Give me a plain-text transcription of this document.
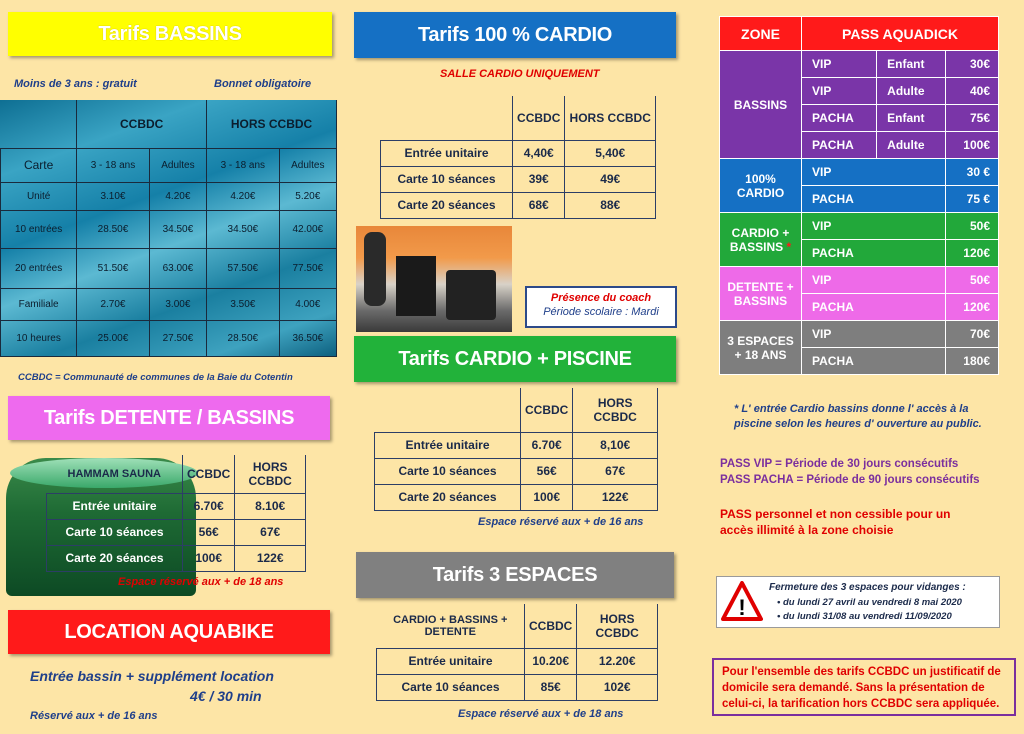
Tarifs BASSINS
Moins de 3 ans : gratuit	Bonnet obligatoire
	CCBDC		HORS CCBDC	
Carte	3 - 18 ans	Adultes	3 - 18 ans	Adultes
Unité	3.10€	4.20€	4.20€	5.20€
10 entrées	28.50€	34.50€	34.50€	42.00€
20 entrées	51.50€	63.00€	57.50€	77.50€
Familiale	2.70€	3.00€	3.50€	4.00€
10 heures	25.00€	27.50€	28.50€	36.50€
CCBDC = Communauté de communes de la Baie du Cotentin
Tarifs DETENTE / BASSINS
HAMMAM SAUNA	CCBDC	HORS CCBDC
Entrée unitaire	6.70€	8.10€
Carte 10 séances	56€	67€
Carte 20 séances	100€	122€
Espace réservé aux + de 18 ans
LOCATION AQUABIKE
Entrée bassin + supplément location
4€ / 30 min
Réservé aux + de 16 ans
Tarifs 100 % CARDIO
SALLE CARDIO UNIQUEMENT
	CCBDC	HORS CCBDC
Entrée unitaire	4,40€	5,40€
Carte 10 séances	39€	49€
Carte 20 séances	68€	88€
Présence du coach
Période scolaire : Mardi
Tarifs CARDIO + PISCINE
	CCBDC	HORS CCBDC
Entrée unitaire	6.70€	8,10€
Carte 10 séances	56€	67€
Carte 20 séances	100€	122€
Espace réservé aux + de 16 ans
Tarifs 3 ESPACES
CARDIO + BASSINS + DETENTE	CCBDC	HORS CCBDC
Entrée unitaire	10.20€	12.20€
Carte 10 séances	85€	102€
Espace réservé aux + de 18 ans
ZONE	PASS AQUADICK		
BASSINS	VIP	Enfant	30€
	VIP	Adulte	40€
	PACHA	Enfant	75€
	PACHA	Adulte	100€
100% CARDIO	VIP		30 €
	PACHA		75 €
CARDIO + BASSINS *	VIP		50€
	PACHA		120€
DETENTE + BASSINS	VIP		50€
	PACHA		120€
3 ESPACES + 18 ANS	VIP		70€
	PACHA		180€
* L' entrée Cardio bassins donne l' accès à la piscine selon les heures d' ouverture au public.
PASS VIP = Période de 30 jours consécutifs
PASS PACHA = Période de 90 jours consécutifs
PASS personnel et non cessible pour un accès illimité à la zone choisie
!
Fermeture des 3 espaces pour vidanges :
• du lundi 27 avril au vendredi 8 mai 2020
• du lundi 31/08 au vendredi 11/09/2020
Pour l'ensemble des tarifs CCBDC un justificatif de domicile sera demandé. Sans la présentation de celui-ci, la tarification hors CCBDC sera appliquée.
